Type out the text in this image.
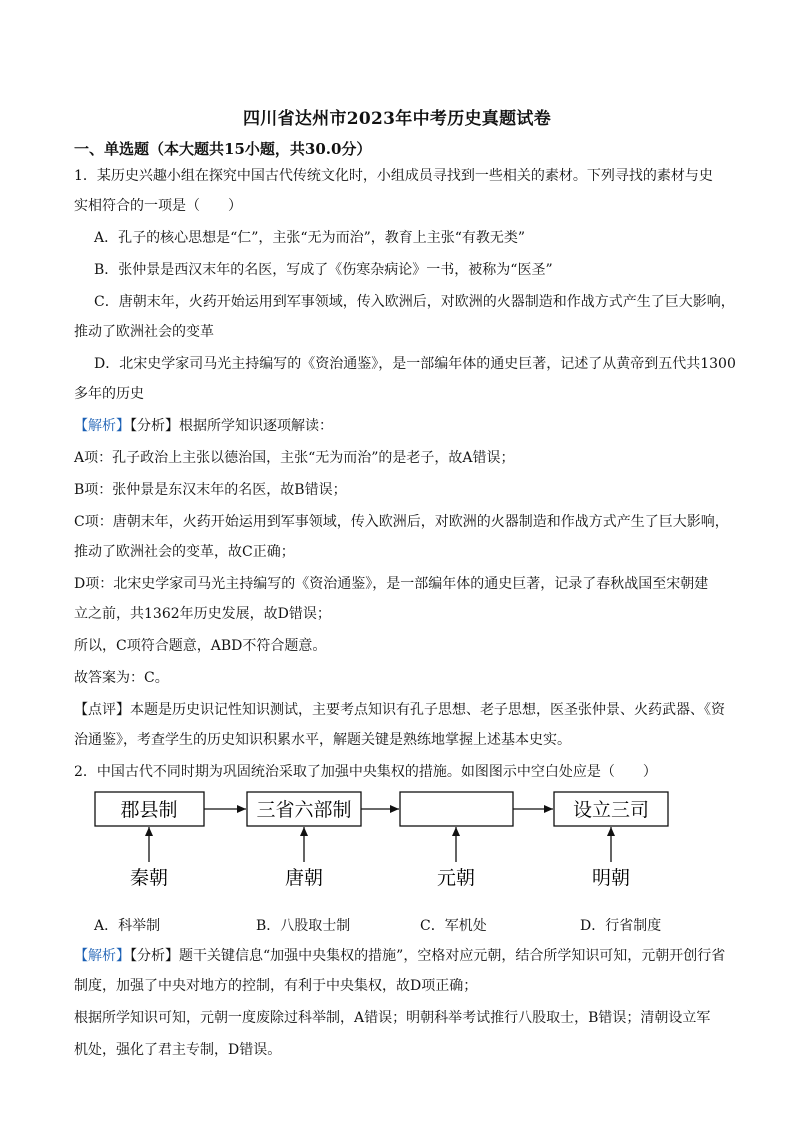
四川省达州市2023年中考历史真题试卷
一、单选题（本大题共15小题，共30.0分）
1．某历史兴趣小组在探究中国古代传统文化时，小组成员寻找到一些相关的素材。下列寻找的素材与史
实相符合的一项是（　　）
A．孔子的核心思想是“仁”，主张“无为而治”，教育上主张“有教无类”
B．张仲景是西汉末年的名医，写成了《伤寒杂病论》一书，被称为“医圣”
C．唐朝末年，火药开始运用到军事领域，传入欧洲后，对欧洲的火器制造和作战方式产生了巨大影响，
推动了欧洲社会的变革
D．北宋史学家司马光主持编写的《资治通鉴》，是一部编年体的通史巨著，记述了从黄帝到五代共1300
多年的历史
【解析】【分析】根据所学知识逐项解读：
A项：孔子政治上主张以德治国，主张“无为而治”的是老子，故A错误；
B项：张仲景是东汉末年的名医，故B错误；
C项：唐朝末年，火药开始运用到军事领域，传入欧洲后，对欧洲的火器制造和作战方式产生了巨大影响，
推动了欧洲社会的变革，故C正确；
D项：北宋史学家司马光主持编写的《资治通鉴》，是一部编年体的通史巨著，记录了春秋战国至宋朝建
立之前，共1362年历史发展，故D错误；
所以，C项符合题意，ABD不符合题意。
故答案为：C。
【点评】本题是历史识记性知识测试，主要考点知识有孔子思想、老子思想，医圣张仲景、火药武器、《资
治通鉴》，考查学生的历史知识积累水平，解题关键是熟练地掌握上述基本史实。
2．中国古代不同时期为巩固统治采取了加强中央集权的措施。如图图示中空白处应是（　　）
郡县制	三省六部制	设立三司
秦朝	唐朝	元朝	明朝
A．科举制	B．八股取士制	C．军机处	D．行省制度
【解析】【分析】题干关键信息“加强中央集权的措施”，空格对应元朝，结合所学知识可知，元朝开创行省
制度，加强了中央对地方的控制，有利于中央集权，故D项正确；
根据所学知识可知，元朝一度废除过科举制，A错误；明朝科举考试推行八股取士，B错误；清朝设立军
机处，强化了君主专制，D错误。
